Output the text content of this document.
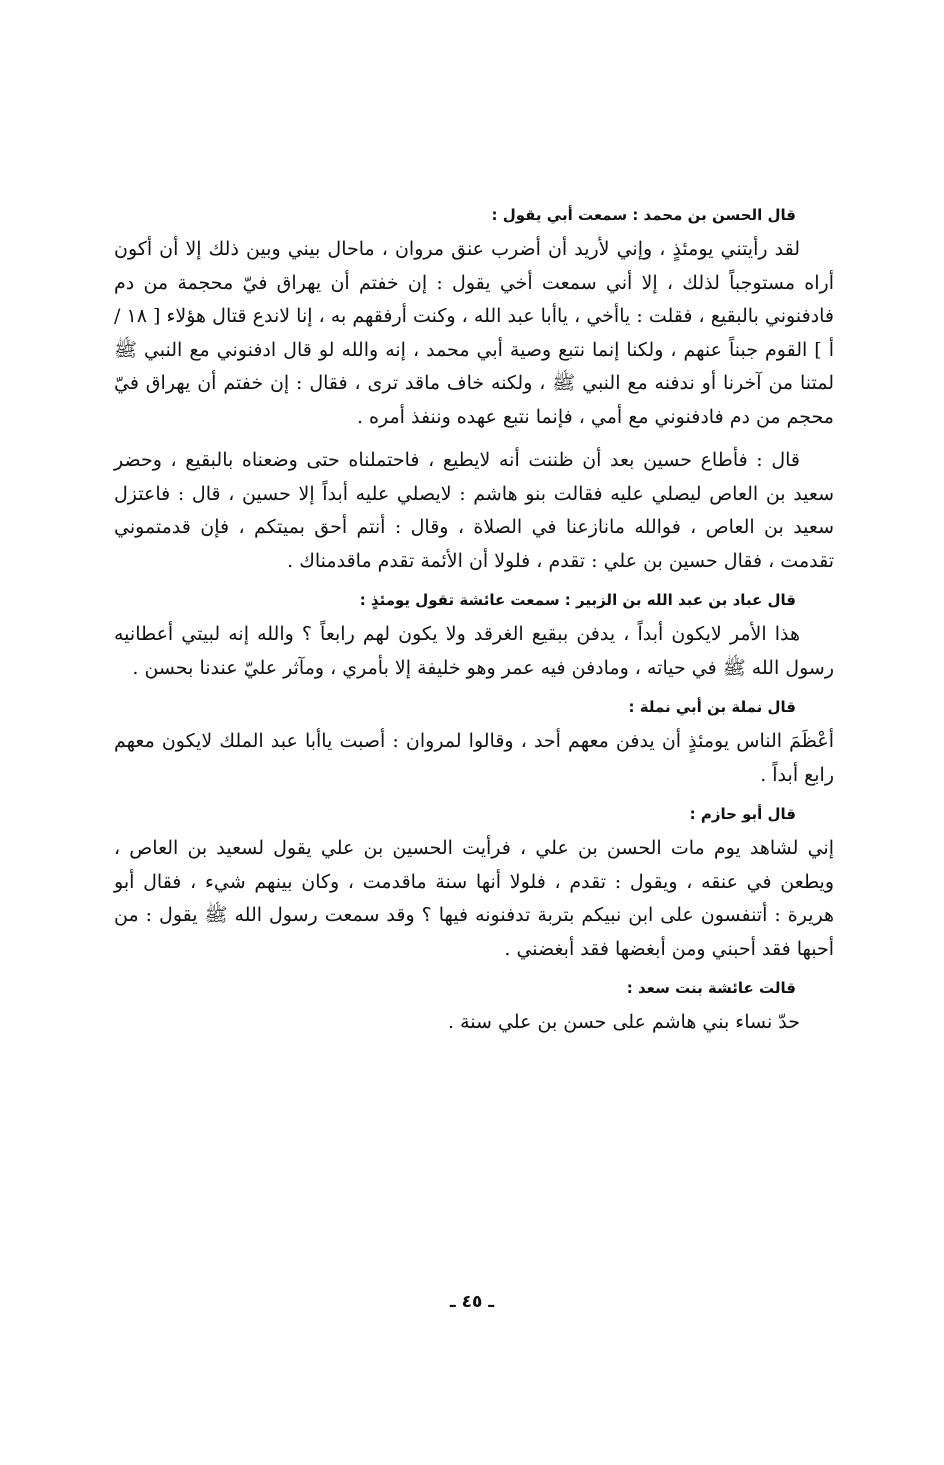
قال الحسن بن محمد : سمعت أبي يقول :

لقد رأيتني يومئذٍ ، وإني لأريد أن أضرب عنق مروان ، ماحال بيني وبين ذلك إلا أن أكون أراه مستوجباً لذلك ، إلا أني سمعت أخي يقول : إن خفتم أن يهراق فيّ محجمة من دم فادفنوني بالبقيع ، فقلت : ياأخي ، ياأبا عبد الله ، وكنت أرفقهم به ، إنا لاندع قتال هؤلاء [ ١٨ / أ ] القوم جبناً عنهم ، ولكنا إنما نتبع وصية أبي محمد ، إنه والله لو قال ادفنوني مع النبي ﷺ لمتنا من آخرنا أو ندفنه مع النبي ﷺ ، ولكنه خاف ماقد ترى ، فقال : إن خفتم أن يهراق فيّ محجم من دم فادفنوني مع أمي ، فإنما نتبع عهده وننفذ أمره .

قال : فأطاع حسين بعد أن ظننت أنه لايطيع ، فاحتملناه حتى وضعناه بالبقيع ، وحضر سعيد بن العاص ليصلي عليه فقالت بنو هاشم : لايصلي عليه أبداً إلا حسين ، قال : فاعتزل سعيد بن العاص ، فوالله مانازعنا في الصلاة ، وقال : أنتم أحق بميتكم ، فإن قدمتموني تقدمت ، فقال حسين بن علي : تقدم ، فلولا أن الأئمة تقدم ماقدمناك .

قال عباد بن عبد الله بن الزبير : سمعت عائشة تقول يومئذٍ :

هذا الأمر لايكون أبداً ، يدفن ببقيع الغرقد ولا يكون لهم رابعاً ؟ والله إنه لبيتي أعطانيه رسول الله ﷺ في حياته ، ومادفن فيه عمر وهو خليفة إلا بأمري ، ومآثر عليّ عندنا بحسن .

قال نملة بن أبي نملة :

أعْظَمَ الناس يومئذٍ أن يدفن معهم أحد ، وقالوا لمروان : أصبت ياأبا عبد الملك لايكون معهم رابع أبداً .

قال أبو حازم :

إني لشاهد يوم مات الحسن بن علي ، فرأيت الحسين بن علي يقول لسعيد بن العاص ، ويطعن في عنقه ، ويقول : تقدم ، فلولا أنها سنة ماقدمت ، وكان بينهم شيء ، فقال أبو هريرة : أتنفسون على ابن نبيكم بتربة تدفنونه فيها ؟ وقد سمعت رسول الله ﷺ يقول : من أحبها فقد أحبني ومن أبغضها فقد أبغضني .

قالت عائشة بنت سعد :

حدّ نساء بني هاشم على حسن بن علي سنة .

ـ ٤٥ ـ
